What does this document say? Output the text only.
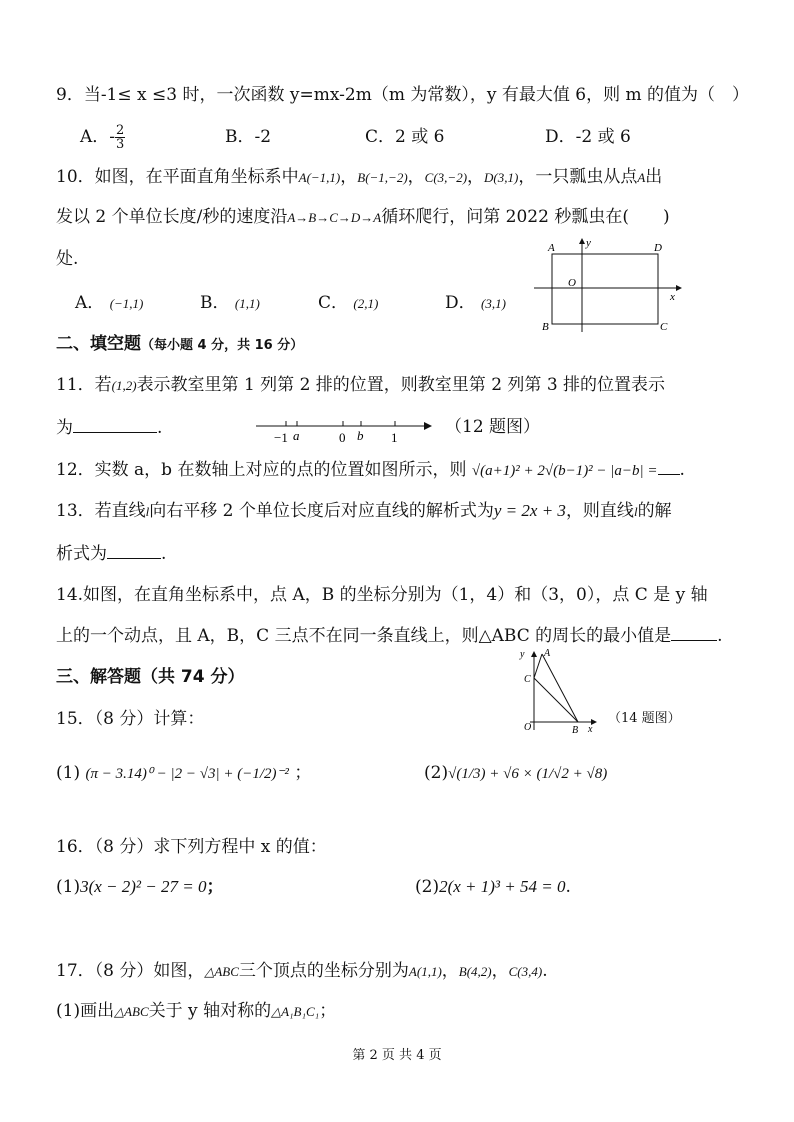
9．当-1≤ x ≤3 时，一次函数 y=mx-2m（m 为常数），y 有最大值 6，则 m 的值为（　）
A．- $\frac{2}{3}$	B．-2	C．2 或 6	D．-2 或 6
10．如图，在平面直角坐标系中A(−1,1)，B(−1,−2)，C(3,−2)，D(3,1)，一只瓢虫从点A出
发以 2 个单位长度/秒的速度沿A→B→C→D→A循环爬行，问第 2022 秒瓢虫在(　　)
处.
A． (−1,1)	B． (1,1)	C． (2,1)	D． (3,1)
A	D
B	C
O
x
y
二、填空题（每小题 4 分，共 16 分）
11．若(1,2)表示教室里第 1 列第 2 排的位置，则教室里第 2 列第 3 排的位置表示
为	.	−1 a	0 b 1
（12 题图）
12．实数 a，b 在数轴上对应的点的位置如图所示，则 √(a+1)² + 2√(b−1)² − |a−b| = .
13．若直线l向右平移 2 个单位长度后对应直线的解析式为y = 2x + 3，则直线l的解
析式为	.
14.如图，在直角坐标系中，点 A，B 的坐标分别为（1，4）和（3，0），点 C 是 y 轴
上的一个动点，且 A，B，C 三点不在同一条直线上，则△ABC 的周长的最小值是	.
y A
C
O	B x
（14 题图）
三、解答题（共 74 分）
15．（8 分）计算：
(1) (π − 3.14)⁰ − |2 − √3| + (−1/2)⁻² ；	(2)√(1/3) + √6 × (1/√2 + √8)
16．（8 分）求下列方程中 x 的值：
(1)3(x − 2)² − 27 = 0；	(2)2(x + 1)³ + 54 = 0.
17．（8 分）如图，△ABC三个顶点的坐标分别为A(1,1)，B(4,2)，C(3,4).
(1)画出△ABC关于 y 轴对称的△A₁B₁C₁；
第 2 页 共 4 页
